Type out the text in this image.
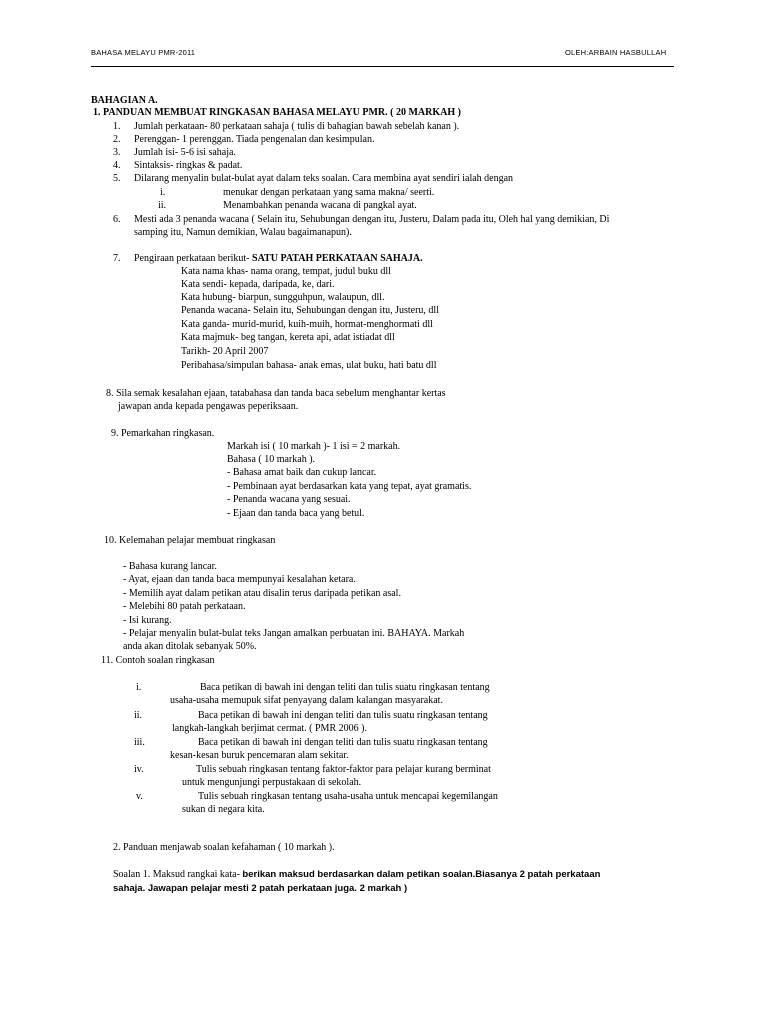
BAHASA MELAYU PMR-2011	OLEH:ARBAIN HASBULLAH
BAHAGIAN A.
1. PANDUAN MEMBUAT RINGKASAN BAHASA MELAYU PMR. ( 20 MARKAH )
1. Jumlah perkataan- 80 perkataan sahaja ( tulis di bahagian bawah sebelah kanan ).
2. Perenggan- 1 perenggan. Tiada pengenalan dan kesimpulan.
3. Jumlah isi- 5-6 isi sahaja.
4. Sintaksis- ringkas & padat.
5. Dilarang menyalin bulat-bulat ayat dalam teks soalan. Cara membina ayat sendiri ialah dengan
i.	menukar dengan perkataan yang sama makna/ seerti.
ii.	Menambahkan penanda wacana di pangkal ayat.
6. Mesti ada 3 penanda wacana ( Selain itu, Sehubungan dengan itu, Justeru, Dalam pada itu, Oleh hal yang demikian, Di
samping itu, Namun demikian, Walau bagaimanapun).
7. Pengiraan perkataan berikut- SATU PATAH PERKATAAN SAHAJA.
Kata nama khas- nama orang, tempat, judul buku dll
Kata sendi- kepada, daripada, ke, dari.
Kata hubung- biarpun, sungguhpun, walaupun, dll.
Penanda wacana- Selain itu, Sehubungan dengan itu, Justeru, dll
Kata ganda- murid-murid, kuih-muih, hormat-menghormati dll
Kata majmuk- beg tangan, kereta api, adat istiadat dll
Tarikh- 20 April 2007
Peribahasa/simpulan bahasa- anak emas, ulat buku, hati batu dll
8. Sila semak kesalahan ejaan, tatabahasa dan tanda baca sebelum menghantar kertas
jawapan anda kepada pengawas peperiksaan.
9. Pemarkahan ringkasan.
Markah isi ( 10 markah )- 1 isi = 2 markah.
Bahasa ( 10 markah ).
- Bahasa amat baik dan cukup lancar.
- Pembinaan ayat berdasarkan kata yang tepat, ayat gramatis.
- Penanda wacana yang sesuai.
- Ejaan dan tanda baca yang betul.
10. Kelemahan pelajar membuat ringkasan
- Bahasa kurang lancar.
- Ayat, ejaan dan tanda baca mempunyai kesalahan ketara.
- Memilih ayat dalam petikan atau disalin terus daripada petikan asal.
- Melebihi 80 patah perkataan.
- Isi kurang.
- Pelajar menyalin bulat-bulat teks Jangan amalkan perbuatan ini. BAHAYA. Markah
anda akan ditolak sebanyak 50%.
11. Contoh soalan ringkasan
i.	Baca petikan di bawah ini dengan teliti dan tulis suatu ringkasan tentang
usaha-usaha memupuk sifat penyayang dalam kalangan masyarakat.
ii.	Baca petikan di bawah ini dengan teliti dan tulis suatu ringkasan tentang
langkah-langkah berjimat cermat. ( PMR 2006 ).
iii.	Baca petikan di bawah ini dengan teliti dan tulis suatu ringkasan tentang
kesan-kesan buruk pencemaran alam sekitar.
iv.	Tulis sebuah ringkasan tentang faktor-faktor para pelajar kurang berminat
untuk mengunjungi perpustakaan di sekolah.
v.	Tulis sebuah ringkasan tentang usaha-usaha untuk mencapai kegemilangan
sukan di negara kita.
2. Panduan menjawab soalan kefahaman ( 10 markah ).
Soalan 1. Maksud rangkai kata- berikan maksud berdasarkan dalam petikan soalan.Biasanya 2 patah perkataan
sahaja. Jawapan pelajar mesti 2 patah perkataan juga. 2 markah )
